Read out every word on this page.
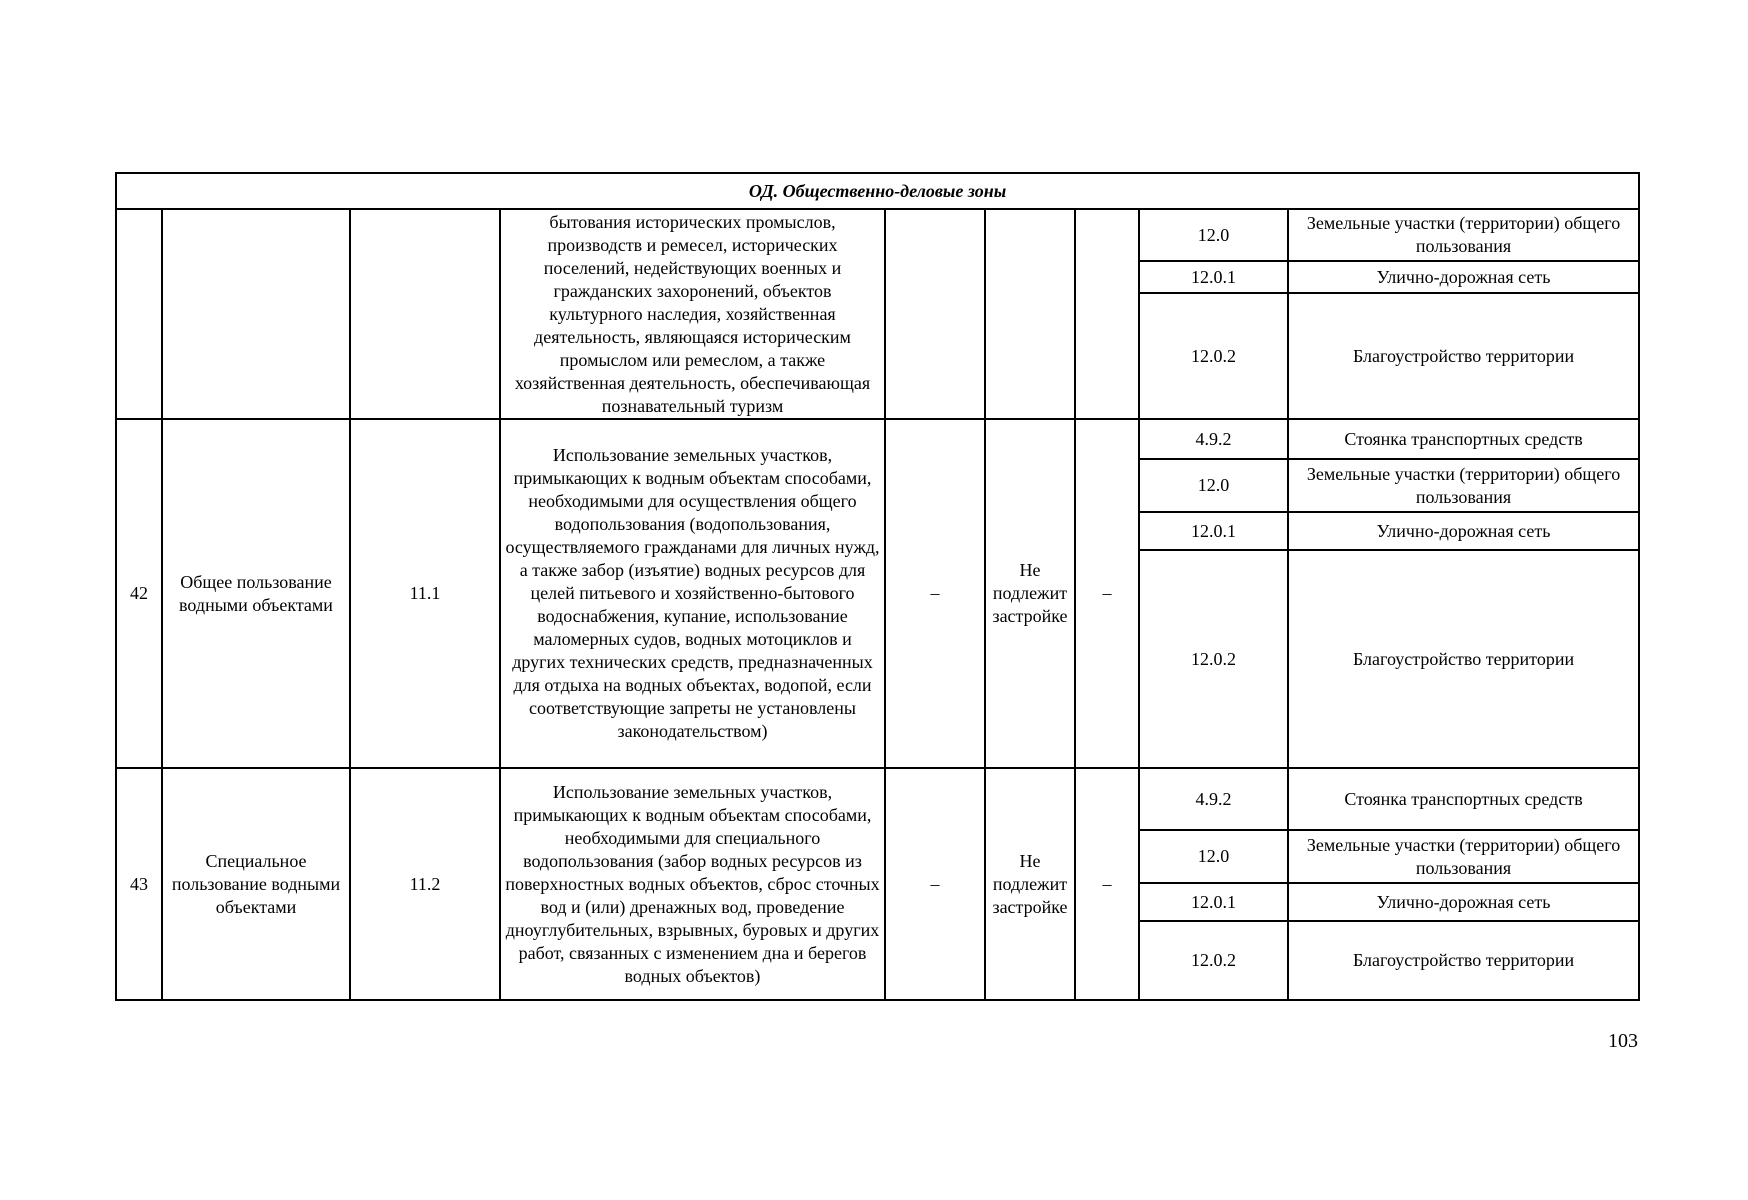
ОД. Общественно-деловые зоны								
			бытования исторических промыслов, производств и ремесел, исторических поселений, недействующих военных и гражданских захоронений, объектов культурного наследия, хозяйственная деятельность, являющаяся историческим промыслом или ремеслом, а также хозяйственная деятельность, обеспечивающая познавательный туризм				12.0	Земельные участки (территории) общего пользования
							12.0.1	Улично-дорожная сеть
							12.0.2	Благоустройство территории
42	Общее пользование водными объектами	11.1	Использование земельных участков, примыкающих к водным объектам способами, необходимыми для осуществления общего водопользования (водопользования, осуществляемого гражданами для личных нужд, а также забор (изъятие) водных ресурсов для целей питьевого и хозяйственно-бытового водоснабжения, купание, использование маломерных судов, водных мотоциклов и других технических средств, предназначенных для отдыха на водных объектах, водопой, если соответствующие запреты не установлены законодательством)	–	Не подлежит застройке	–	4.9.2	Стоянка транспортных средств
							12.0	Земельные участки (территории) общего пользования
							12.0.1	Улично-дорожная сеть
							12.0.2	Благоустройство территории
43	Специальное пользование водными объектами	11.2	Использование земельных участков, примыкающих к водным объектам способами, необходимыми для специального водопользования (забор водных ресурсов из поверхностных водных объектов, сброс сточных вод и (или) дренажных вод, проведение дноуглубительных, взрывных, буровых и других работ, связанных с изменением дна и берегов водных объектов)	–	Не подлежит застройке	–	4.9.2	Стоянка транспортных средств
							12.0	Земельные участки (территории) общего пользования
							12.0.1	Улично-дорожная сеть
							12.0.2	Благоустройство территории
103
